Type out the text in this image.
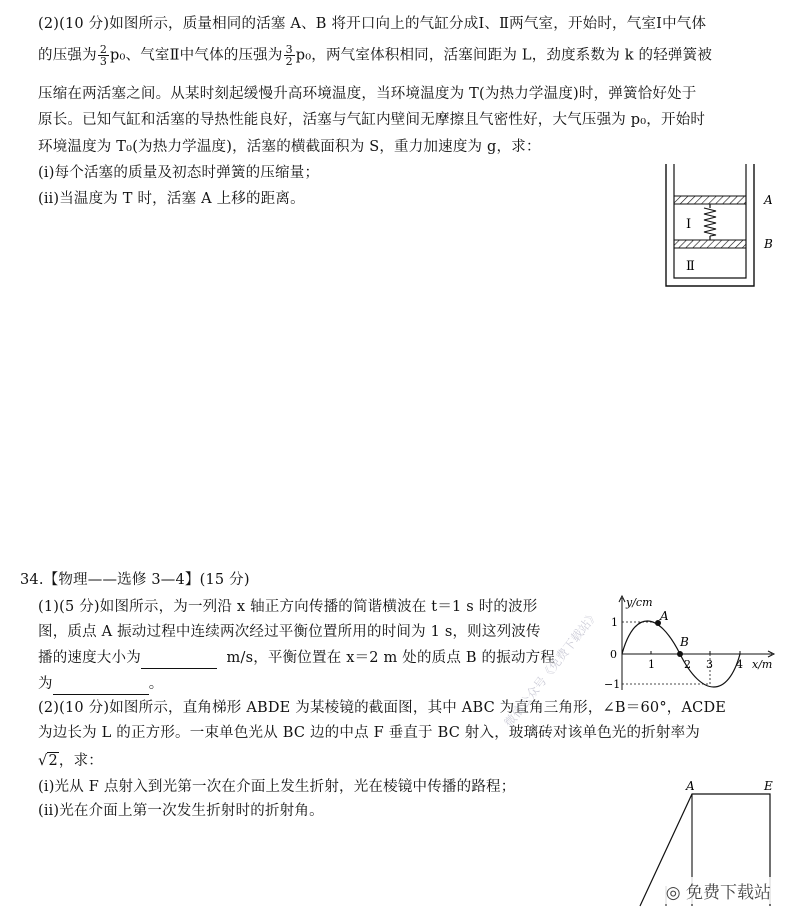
(2)(10 分)如图所示，质量相同的活塞 A、B 将开口向上的气缸分成Ⅰ、Ⅱ两气室，开始时，气室Ⅰ中气体
的压强为 $\frac{2}{3} p_0$、气室Ⅱ中气体的压强为 $\frac{3}{2} p_0$，两气室体积相同，活塞间距为 L，劲度系数为 k 的轻弹簧被
压缩在两活塞之间。从某时刻起缓慢升高环境温度，当环境温度为 T(为热力学温度)时，弹簧恰好处于
原长。已知气缸和活塞的导热性能良好，活塞与气缸内壁间无摩擦且气密性好，大气压强为 p₀，开始时
环境温度为 T₀(为热力学温度)，活塞的横截面积为 S，重力加速度为 g，求：
(ⅰ)每个活塞的质量及初态时弹簧的压缩量；
(ⅱ)当温度为 T 时，活塞 A 上移的距离。
Ⅰ
Ⅱ
A
B
34.【物理——选修 3—4】(15 分)
(1)(5 分)如图所示，为一列沿 x 轴正方向传播的简谐横波在 t＝1 s 时的波形
图，质点 A 振动过程中连续两次经过平衡位置所用的时间为 1 s，则这列波传
播的速度大小为	m/s，平衡位置在 x＝2 m 处的质点 B 的振动方程
为	。
(2)(10 分)如图所示，直角梯形 ABDE 为某棱镜的截面图，其中 ABC 为直角三角形，∠B＝60°，ACDE
为边长为 L 的正方形。一束单色光从 BC 边的中点 F 垂直于 BC 射入，玻璃砖对该单色光的折射率为
√2，求：
(ⅰ)光从 F 点射入到光第一次在介面上发生折射，光在棱镜中传播的路程；
(ⅱ)光在介面上第一次发生折射时的折射角。
y/cm
x/m
1
0
−1
1	2 3 4
A
B
A	E
微信公众号《免费下载站》
◎ 免费下载站
